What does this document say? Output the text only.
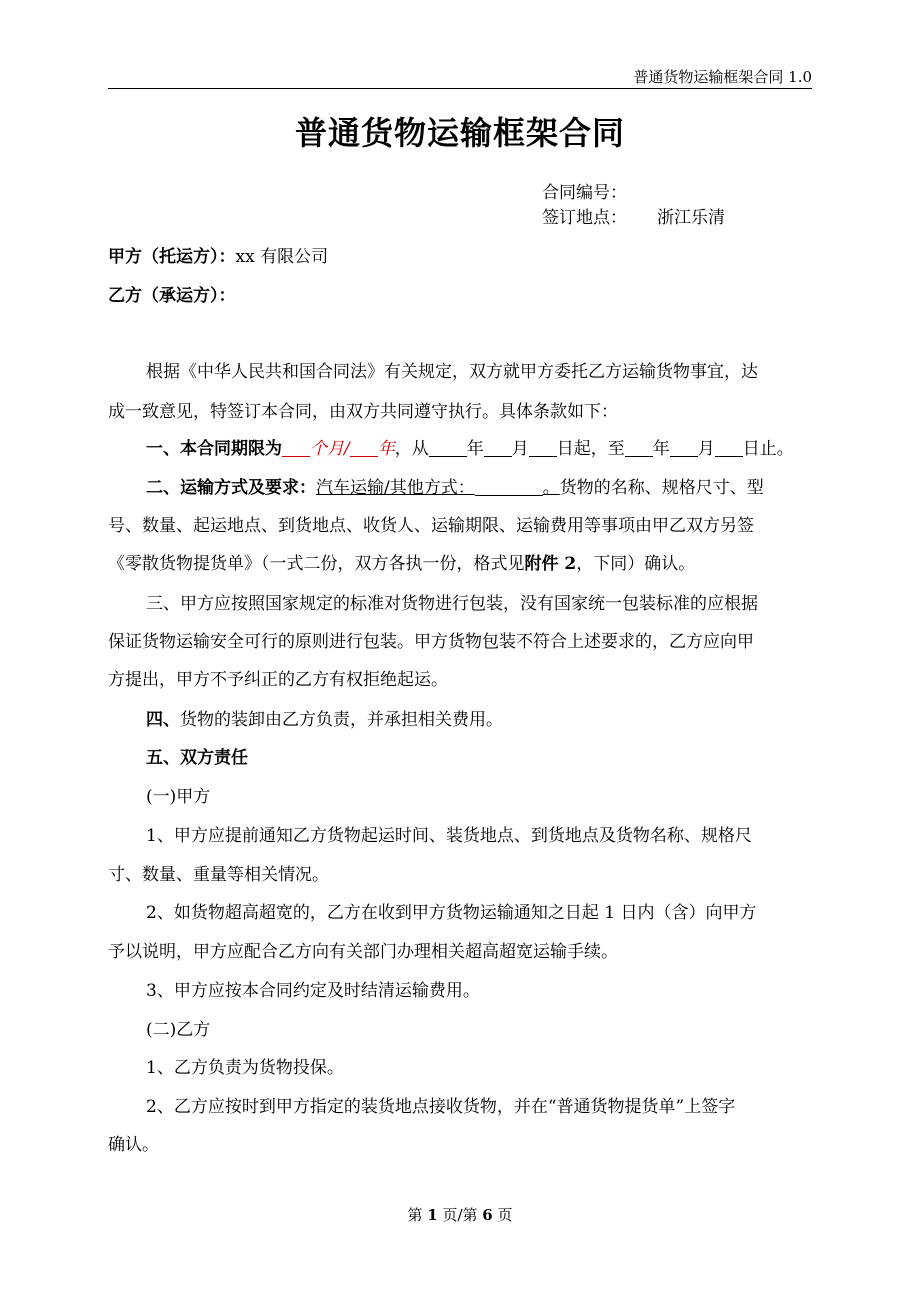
普通货物运输框架合同 1.0
普通货物运输框架合同
合同编号：
签订地点： 浙江乐清
甲方（托运方）：xx 有限公司
乙方（承运方）：
根据《中华人民共和国合同法》有关规定，双方就甲方委托乙方运输货物事宜，达
成一致意见，特签订本合同，由双方共同遵守执行。具体条款如下：
一、本合同期限为 个月/ 年，从 年 月 日起，至 年 月 日止。
二、运输方式及要求：汽车运输/其他方式：	。货物的名称、规格尺寸、型
号、数量、起运地点、到货地点、收货人、运输期限、运输费用等事项由甲乙双方另签
《零散货物提货单》（一式二份，双方各执一份，格式见附件 2，下同）确认。
三、甲方应按照国家规定的标准对货物进行包装，没有国家统一包装标准的应根据
保证货物运输安全可行的原则进行包装。甲方货物包装不符合上述要求的，乙方应向甲
方提出，甲方不予纠正的乙方有权拒绝起运。
四、货物的装卸由乙方负责，并承担相关费用。
五、双方责任
(一)甲方
1、甲方应提前通知乙方货物起运时间、装货地点、到货地点及货物名称、规格尺
寸、数量、重量等相关情况。
2、如货物超高超宽的，乙方在收到甲方货物运输通知之日起 1 日内（含）向甲方
予以说明，甲方应配合乙方向有关部门办理相关超高超宽运输手续。
3、甲方应按本合同约定及时结清运输费用。
(二)乙方
1、乙方负责为货物投保。
2、乙方应按时到甲方指定的装货地点接收货物，并在“普通货物提货单”上签字
确认。
第 1 页/第 6 页
